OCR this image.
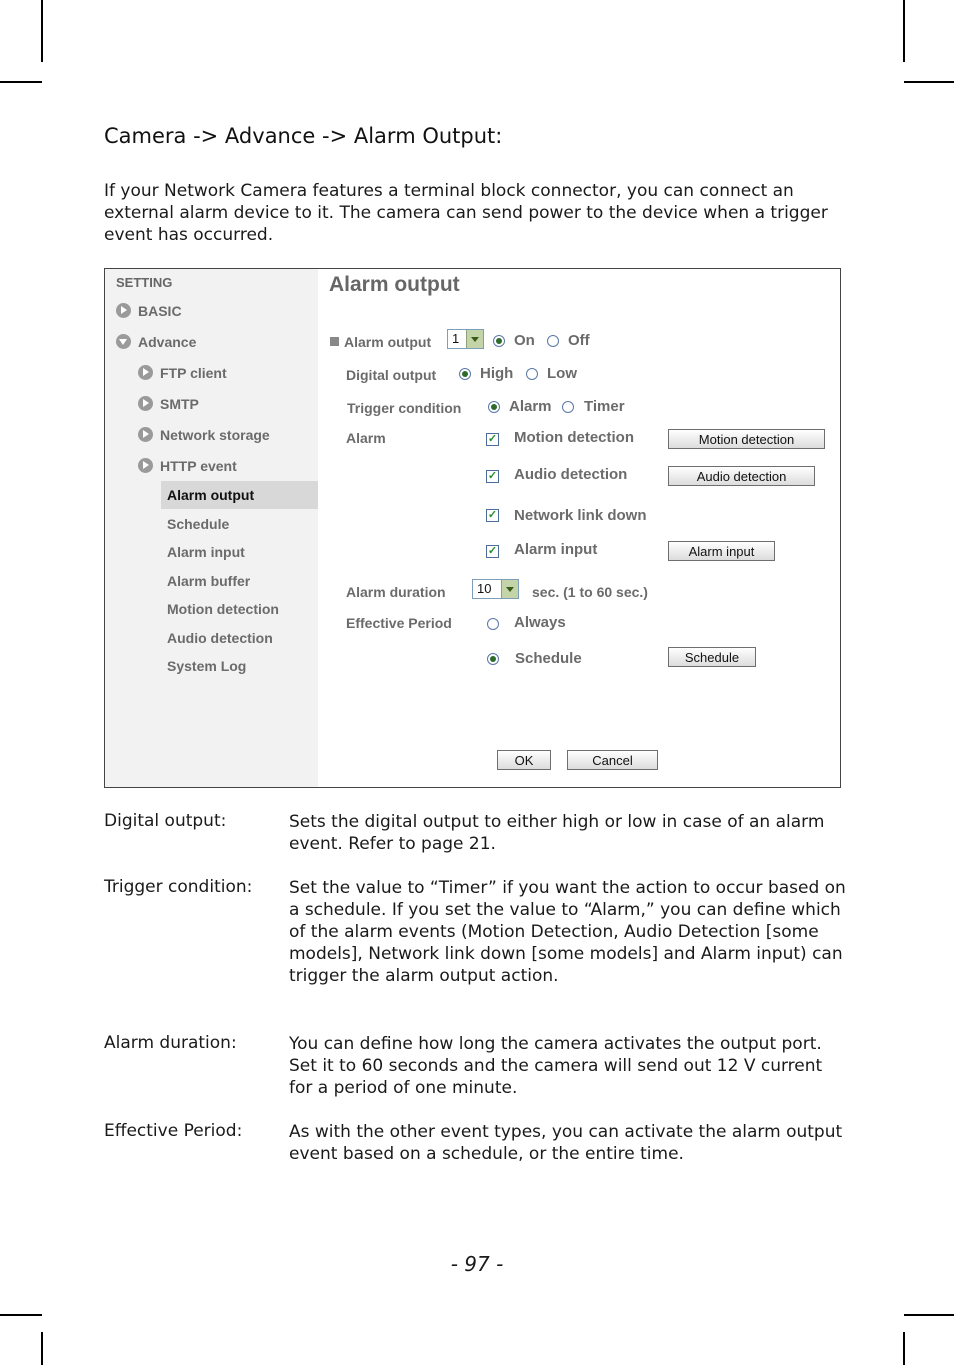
Camera -> Advance -> Alarm Output:
If your Network Camera features a terminal block connector, you can connect an external alarm device to it. The camera can send power to the device when a trigger event has occurred.
SETTING
BASIC
Advance
FTP client
SMTP
Network storage
HTTP event
Alarm output
Schedule
Alarm input
Alarm buffer
Motion detection
Audio detection
System Log
Alarm output
Alarm output 1	On Off
Digital output	High Low
Trigger condition	Alarm Timer
Alarm	✓ Motion detection	Motion detection
✓ Audio detection	Audio detection
✓ Network link down
✓ Alarm input	Alarm input
Alarm duration 10	sec. (1 to 60 sec.)
Effective Period	Always
Schedule	Schedule
OK	Cancel
Digital output:	Sets the digital output to either high or low in case of an alarm event. Refer to page 21.
Trigger condition: Set the value to “Timer” if you want the action to occur based on a schedule. If you set the value to “Alarm,” you can define which of the alarm events (Motion Detection, Audio Detection [some models], Network link down [some models] and Alarm input) can trigger the alarm output action.
Alarm duration:	You can define how long the camera activates the output port. Set it to 60 seconds and the camera will send out 12 V current for a period of one minute.
Effective Period:	As with the other event types, you can activate the alarm output event based on a schedule, or the entire time.
- 97 -
